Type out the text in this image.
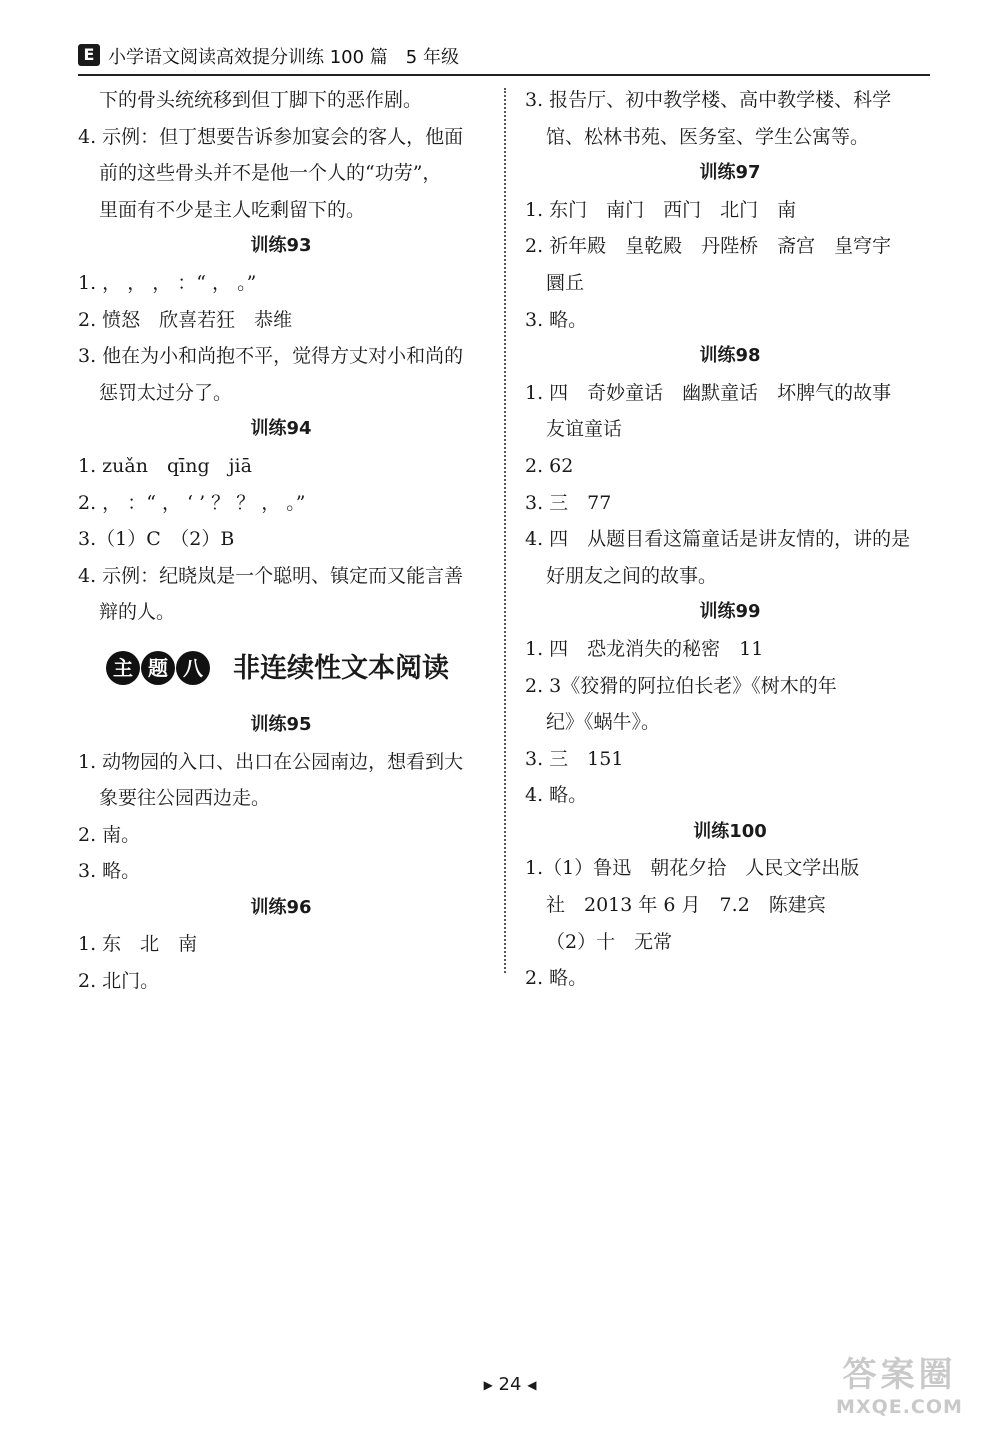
E 小学语文阅读高效提分训练 100 篇　5 年级
下的骨头统统移到但丁脚下的恶作剧。
4. 示例：但丁想要告诉参加宴会的客人，他面
前的这些骨头并不是他一个人的“功劳”，
里面有不少是主人吃剩留下的。
训练93
1. ， ， ， ：“ ， 。”
2. 愤怒　欣喜若狂　恭维
3. 他在为小和尚抱不平，觉得方丈对小和尚的
惩罚太过分了。
训练94
1. zuǎn　qīng　jiā
2. ， ：“ ， ‘ ’ ？ ？ ， 。”
3.（1）C　（2）B
4. 示例：纪晓岚是一个聪明、镇定而又能言善
辩的人。
主 题 八 非连续性文本阅读
训练95
1. 动物园的入口、出口在公园南边，想看到大
象要往公园西边走。
2. 南。
3. 略。
训练96
1. 东　北　南
2. 北门。
3. 报告厅、初中教学楼、高中教学楼、科学
馆、松林书苑、医务室、学生公寓等。
训练97
1. 东门　南门　西门　北门　南
2. 祈年殿　皇乾殿　丹陛桥　斋宫　皇穹宇
圜丘
3. 略。
训练98
1. 四　奇妙童话　幽默童话　坏脾气的故事
友谊童话
2. 62
3. 三　77
4. 四　从题目看这篇童话是讲友情的，讲的是
好朋友之间的故事。
训练99
1. 四　恐龙消失的秘密　11
2. 3《狡猾的阿拉伯长老》《树木的年
纪》《蜗牛》。
3. 三　151
4. 略。
训练100
1.（1）鲁迅　朝花夕拾　人民文学出版
社　2013 年 6 月　7.2　陈建宾
（2）十　无常
2. 略。
▶ 24 ◀	答案圈
MXQE.COM
